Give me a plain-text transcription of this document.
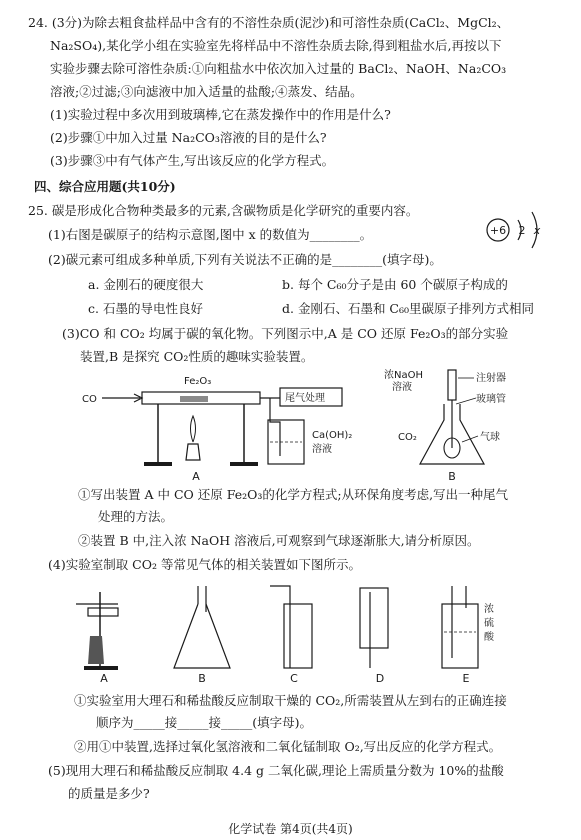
24. (3分)为除去粗食盐样品中含有的不溶性杂质(泥沙)和可溶性杂质(CaCl₂、MgCl₂、
Na₂SO₄),某化学小组在实验室先将样品中不溶性杂质去除,得到粗盐水后,再按以下
实验步骤去除可溶性杂质:①向粗盐水中依次加入过量的 BaCl₂、NaOH、Na₂CO₃
溶液;②过滤;③向滤液中加入适量的盐酸;④蒸发、结晶。
(1)实验过程中多次用到玻璃棒,它在蒸发操作中的作用是什么?
(2)步骤①中加入过量 Na₂CO₃溶液的目的是什么?
(3)步骤③中有气体产生,写出该反应的化学方程式。
四、综合应用题(共10分)
25. 碳是形成化合物种类最多的元素,含碳物质是化学研究的重要内容。
(1)右图是碳原子的结构示意图,图中 x 的数值为________。
(2)碳元素可组成多种单质,下列有关说法不正确的是________(填字母)。
+6 2 x
a. 金刚石的硬度很大	b. 每个 C₆₀分子是由 60 个碳原子构成的
c. 石墨的导电性良好	d. 金刚石、石墨和 C₆₀里碳原子排列方式相同
(3)CO 和 CO₂ 均属于碳的氧化物。下列图示中,A 是 CO 还原 Fe₂O₃的部分实验
装置,B 是探究 CO₂性质的趣味实验装置。
CO
Fe₂O₃
尾气处理
Ca(OH)₂
溶液
A
浓NaOH
溶液
注射器
玻璃管
CO₂	气球
B
①写出装置 A 中 CO 还原 Fe₂O₃的化学方程式;从环保角度考虑,写出一种尾气
处理的方法。
②装置 B 中,注入浓 NaOH 溶液后,可观察到气球逐渐胀大,请分析原因。
(4)实验室制取 CO₂ 等常见气体的相关装置如下图所示。
浓
硫
酸
A	B	C	D	E
①实验室用大理石和稀盐酸反应制取干燥的 CO₂,所需装置从左到右的正确连接
顺序为_____接_____接_____(填字母)。
②用①中装置,选择过氧化氢溶液和二氧化锰制取 O₂,写出反应的化学方程式。
(5)现用大理石和稀盐酸反应制取 4.4 g 二氧化碳,理论上需质量分数为 10%的盐酸
的质量是多少?
化学试卷 第4页(共4页)
